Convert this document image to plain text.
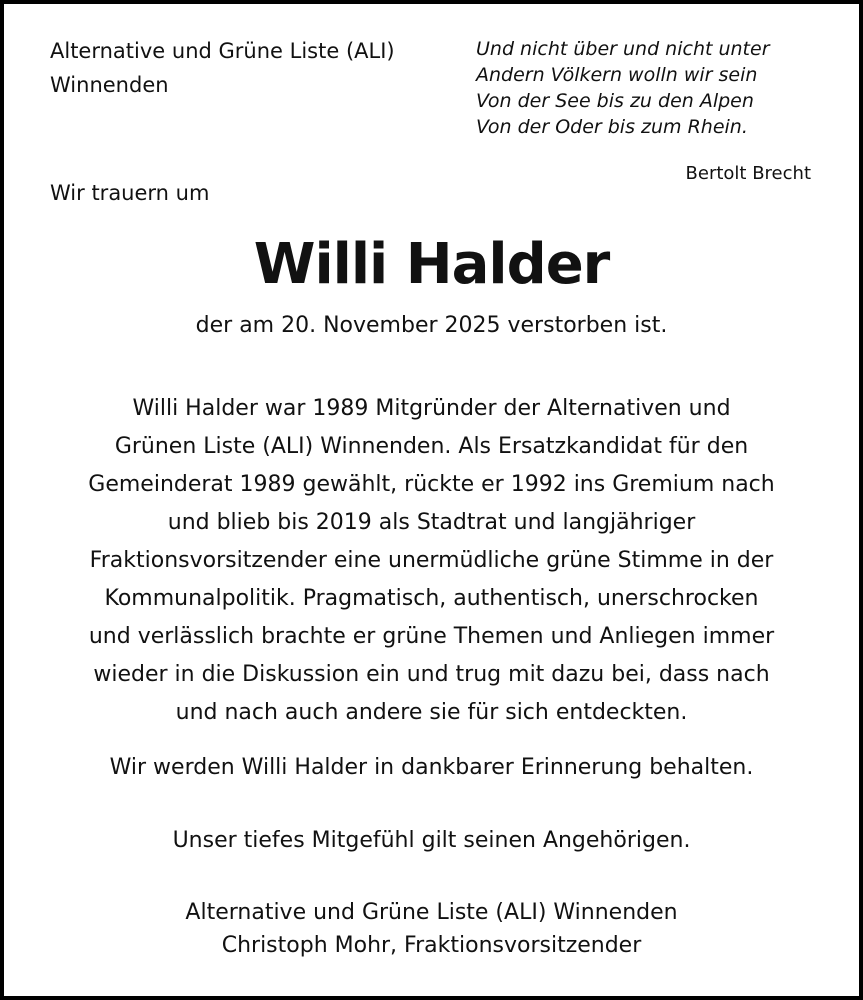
Alternative und Grüne Liste (ALI)
Winnenden
Und nicht über und nicht unter
Andern Völkern wolln wir sein
Von der See bis zu den Alpen
Von der Oder bis zum Rhein.
Bertolt Brecht
Wir trauern um
Willi Halder
der am 20. November 2025 verstorben ist.
Willi Halder war 1989 Mitgründer der Alternativen und
Grünen Liste (ALI) Winnenden. Als Ersatzkandidat für den
Gemeinderat 1989 gewählt, rückte er 1992 ins Gremium nach
und blieb bis 2019 als Stadtrat und langjähriger
Fraktionsvorsitzender eine unermüdliche grüne Stimme in der
Kommunalpolitik. Pragmatisch, authentisch, unerschrocken
und verlässlich brachte er grüne Themen und Anliegen immer
wieder in die Diskussion ein und trug mit dazu bei, dass nach
und nach auch andere sie für sich entdeckten.
Wir werden Willi Halder in dankbarer Erinnerung behalten.
Unser tiefes Mitgefühl gilt seinen Angehörigen.
Alternative und Grüne Liste (ALI) Winnenden
Christoph Mohr, Fraktionsvorsitzender
